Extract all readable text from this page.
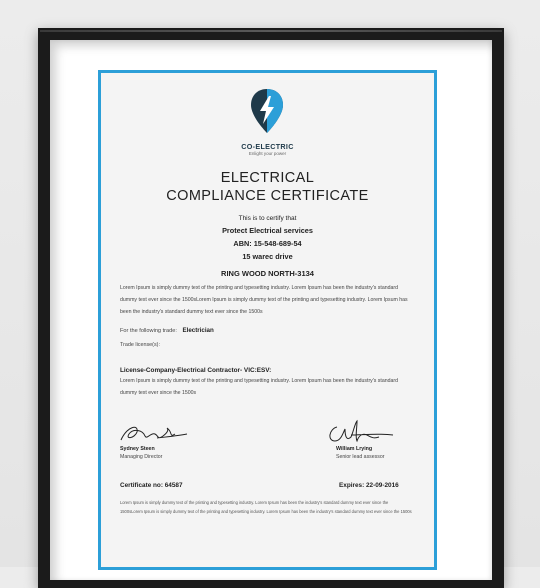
CO-ELECTRIC
Enlight your power
ELECTRICAL
COMPLIANCE CERTIFICATE
This is to certify that
Protect Electrical services
ABN: 15-548-689-54
15 warec drive
RING WOOD NORTH-3134
Lorem Ipsum is simply dummy text of the printing and typesetting industry. Lorem Ipsum has been the industry's standard dummy text ever since the 1500sLorem Ipsum is simply dummy text of the printing and typesetting industry. Lorem Ipsum has been the industry's standard dummy text ever since the 1500s
For the following trade: Electrician
Trade license(s):
License-Company-Electrical Contractor- VIC:ESV:
Lorem Ipsum is simply dummy text of the printing and typesetting industry. Lorem Ipsum has been the industry's standard dummy text ever since the 1500s
Sydney Steen
Managing Director
William Lrying
Senior lead assessor
Certificate no: 64587	Expires: 22-09-2016
Lorem Ipsum is simply dummy text of the printing and typesetting industry. Lorem Ipsum has been the industry's standard dummy text ever since the 1500sLorem Ipsum is simply dummy text of the printing and typesetting industry. Lorem Ipsum has been the industry's standard dummy text ever since the 1500s
